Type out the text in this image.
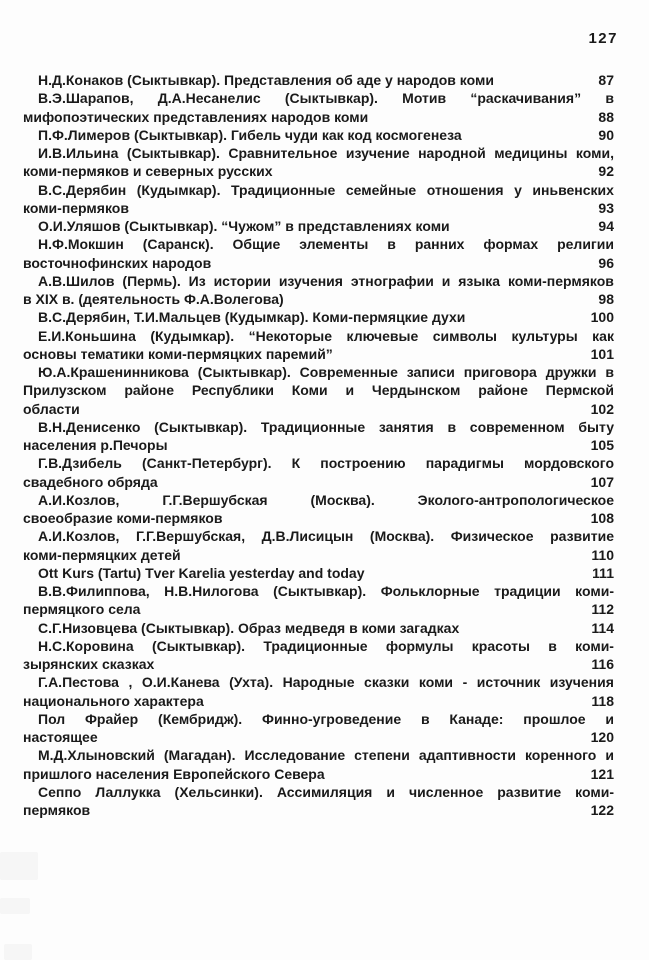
127
Н.Д.Конаков (Сыктывкар). Представления об аде у народов коми	87
В.Э.Шарапов, Д.А.Несанелис (Сыктывкар). Мотив “раскачивания” в
мифопоэтических представлениях народов коми	88
П.Ф.Лимеров (Сыктывкар). Гибель чуди как код космогенеза	90
И.В.Ильина (Сыктывкар). Сравнительное изучение народной медицины коми,
коми-пермяков и северных русских	92
В.С.Дерябин (Кудымкар). Традиционные семейные отношения у иньвенских
коми-пермяков	93
О.И.Уляшов (Сыктывкар). “Чужом” в представлениях коми	94
Н.Ф.Мокшин (Саранск). Общие элементы в ранних формах религии
восточнофинских народов	96
А.В.Шилов (Пермь). Из истории изучения этнографии и языка коми-пермяков
в XIX в. (деятельность Ф.А.Волегова)	98
В.С.Дерябин, Т.И.Мальцев (Кудымкар). Коми-пермяцкие духи	100
Е.И.Коньшина (Кудымкар). “Некоторые ключевые символы культуры как
основы тематики коми-пермяцких паремий”	101
Ю.А.Крашенинникова (Сыктывкар). Современные записи приговора дружки в
Прилузском районе Республики Коми и Чердынском районе Пермской
области	102
В.Н.Денисенко (Сыктывкар). Традиционные занятия в современном быту
населения р.Печоры	105
Г.В.Дзибель (Санкт-Петербург). К построению парадигмы мордовского
свадебного обряда	107
А.И.Козлов,	Г.Г.Вершубская	(Москва).	Эколого-антропологическое
своеобразие коми-пермяков	108
А.И.Козлов, Г.Г.Вершубская, Д.В.Лисицын (Москва). Физическое развитие
коми-пермяцких детей	110
Ott Kurs (Tartu) Tver Karelia yesterday and today	111
В.В.Филиппова, Н.В.Нилогова (Сыктывкар). Фольклорные традиции коми-
пермяцкого села	112
С.Г.Низовцева (Сыктывкар). Образ медведя в коми загадках	114
Н.С.Коровина (Сыктывкар). Традиционные формулы красоты в коми-
зырянских сказках	116
Г.А.Пестова , О.И.Канева (Ухта). Народные сказки коми - источник изучения
национального характера	118
Пол Фрайер (Кембридж). Финно-угроведение в Канаде: прошлое и
настоящее	120
М.Д.Хлыновский (Магадан). Исследование степени адаптивности коренного и
пришлого населения Европейского Севера	121
Сеппо Лаллукка (Хельсинки). Ассимиляция и численное развитие коми-
пермяков	122
